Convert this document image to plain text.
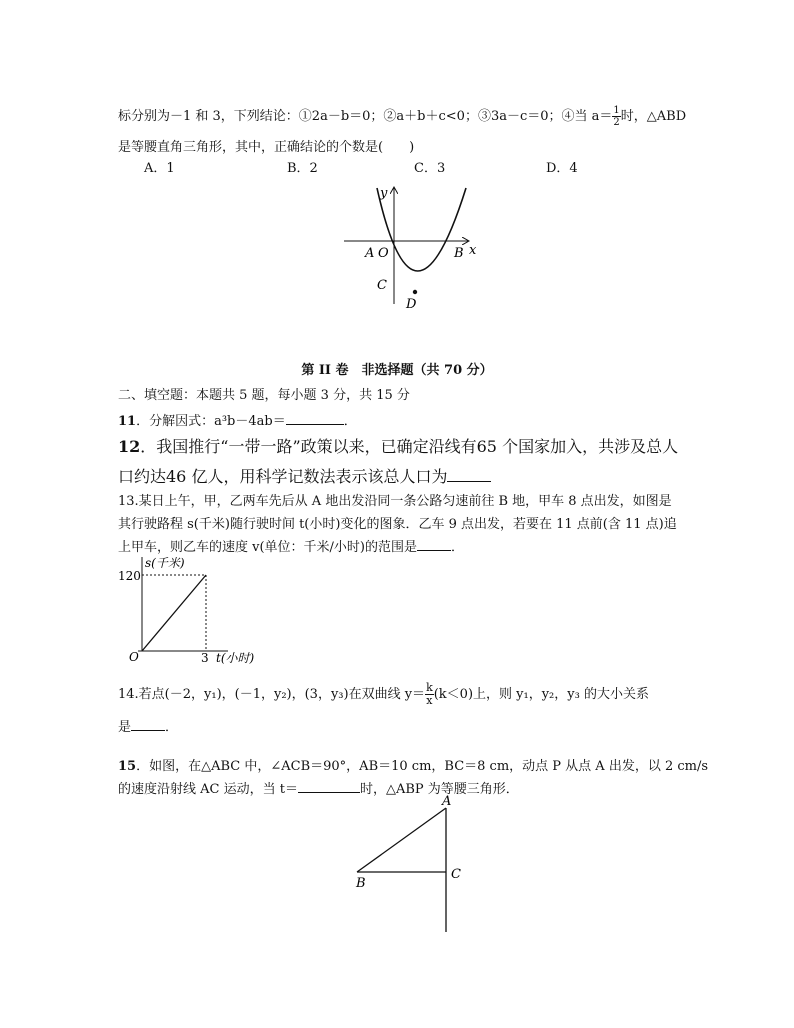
标分别为－1 和 3，下列结论：①2a－b＝0；②a＋b＋c<0；③3a－c＝0；④当 $a= \frac{1}{2}$ 时，△ABD
是等腰直角三角形，其中，正确结论的个数是(　　)
A．1	B．2	C．3	D．4
y
x
A O	B
C
D
第 II 卷　非选择题（共 70 分）
二、填空题：本题共 5 题，每小题 3 分，共 15 分
11．分解因式：a³b－4ab＝	．
12．我国推行“一带一路”政策以来，已确定沿线有65 个国家加入，共涉及总人
口约达46 亿人，用科学记数法表示该总人口为
13.某日上午，甲，乙两车先后从 A 地出发沿同一条公路匀速前往 B 地，甲车 8 点出发，如图是
其行驶路程 s(千米)随行驶时间 t(小时)变化的图象．乙车 9 点出发，若要在 11 点前(含 11 点)追
上甲车，则乙车的速度 v(单位：千米/小时)的范围是	．
s(千米)
120
O	3 t(小时)
14.若点(－2，y₁)，(－1，y₂)，(3，y₃)在双曲线 $y= \frac{k}{x} (k<0)$上，则 y₁，y₂，y₃ 的大小关系
是	．
15．如图，在△ABC 中，∠ACB＝90°，AB＝10 cm，BC＝8 cm，动点 P 从点 A 出发，以 2 cm/s
的速度沿射线 AC 运动，当 t＝	时，△ABP 为等腰三角形．
A
B
C
